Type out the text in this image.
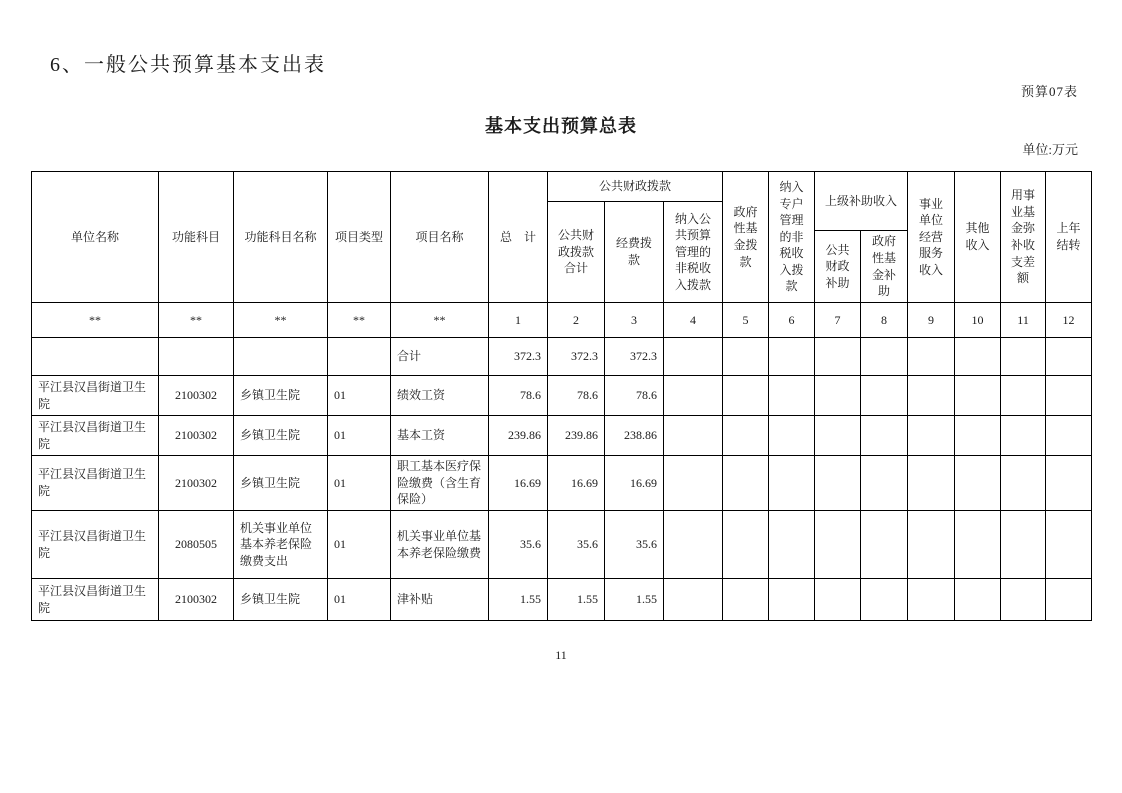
6、一般公共预算基本支出表
预算07表
基本支出预算总表
单位:万元
单位名称	功能科目	功能科目名称	项目类型	项目名称	总　计	公共财政拨款			政府性基金拨款	纳入专户管理的非税收入拨款	上级补助收入		事业单位经营服务收入	其他收入	用事业基金弥补收支差额	上年结转
						公共财政拨款合计	经费拨款	纳入公共预算管理的非税收入拨款								
											公共财政补助	政府性基金补助				
**	**	**	**	**	1	2	3	4	5	6	7	8	9	10	11	12
				合计	372.3	372.3	372.3									
平江县汉昌街道卫生院	2100302	乡镇卫生院	01	绩效工资	78.6	78.6	78.6									
平江县汉昌街道卫生院	2100302	乡镇卫生院	01	基本工资	239.86	239.86	238.86									
平江县汉昌街道卫生院	2100302	乡镇卫生院	01	职工基本医疗保险缴费（含生育保险）	16.69	16.69	16.69									
平江县汉昌街道卫生院	2080505	机关事业单位基本养老保险缴费支出	01	机关事业单位基本养老保险缴费	35.6	35.6	35.6									
平江县汉昌街道卫生院	2100302	乡镇卫生院	01	津补贴	1.55	1.55	1.55									
11
